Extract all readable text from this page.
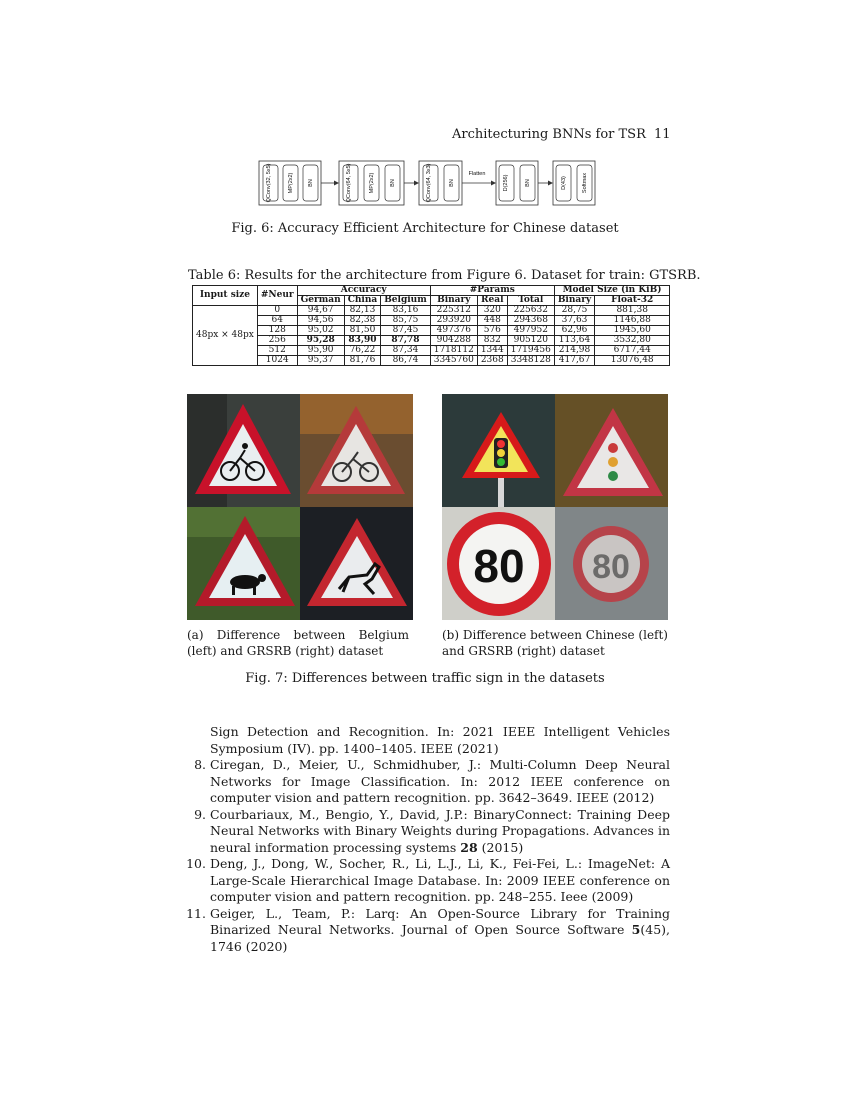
Architecturing BNNs for TSR 11
QConv(32, 5x5)	MP(2x2)	BN	QConv(64, 5x5)	MP(2x2)	BN	QConv(64, 3x3)	BN
Flatten
D(256)	BN	D(43)	Softmax
Fig. 6: Accuracy Efficient Architecture for Chinese dataset
Table 6: Results for the architecture from Figure 6. Dataset for train: GTSRB.
Input size	#Neur	Accuracy			#Params			Model Size (in KiB)	
		German	China	Belgium	Binary	Real	Total	Binary	Float-32
48px × 48px	0	94,67	82,13	83,16	225312	320	225632	28,75	881,38
	64	94,56	82,38	85,75	293920	448	294368	37,63	1146,88
	128	95,02	81,50	87,45	497376	576	497952	62,96	1945,60
	256	95,28	83,90	87,78	904288	832	905120	113,64	3532,80
	512	95,90	76,22	87,34	1718112	1344	1719456	214,98	6717,44
	1024	95,37	81,76	86,74	3345760	2368	3348128	417,67	13076,48
(a) Difference between Belgium (left) and GRSRB (right) dataset
80 80
(b) Difference between Chinese (left) and GRSRB (right) dataset
Fig. 7: Differences between traffic sign in the datasets

Sign Detection and Recognition. In: 2021 IEEE Intelligent Vehicles Symposium (IV). pp. 1400–1405. IEEE (2021)

8. Ciregan, D., Meier, U., Schmidhuber, J.: Multi-Column Deep Neural Networks for Image Classification. In: 2012 IEEE conference on computer vision and pattern recognition. pp. 3642–3649. IEEE (2012)

9. Courbariaux, M., Bengio, Y., David, J.P.: BinaryConnect: Training Deep Neural Networks with Binary Weights during Propagations. Advances in neural information processing systems 28 (2015)

10. Deng, J., Dong, W., Socher, R., Li, L.J., Li, K., Fei-Fei, L.: ImageNet: A Large-Scale Hierarchical Image Database. In: 2009 IEEE conference on computer vision and pattern recognition. pp. 248–255. Ieee (2009)

11. Geiger, L., Team, P.: Larq: An Open-Source Library for Training Binarized Neural Networks. Journal of Open Source Software 5(45), 1746 (2020)
